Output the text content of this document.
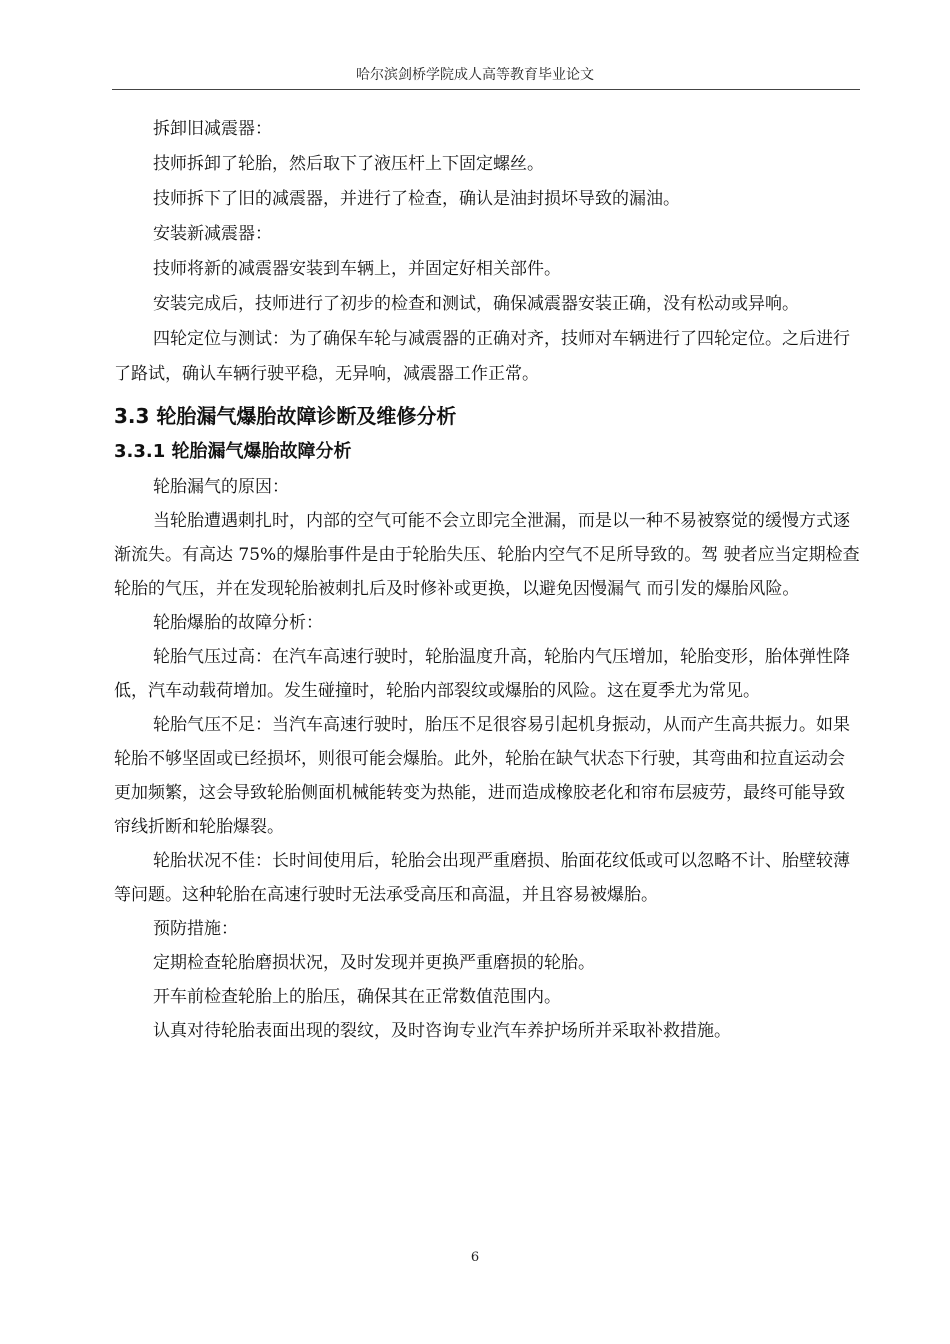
哈尔滨剑桥学院成人高等教育毕业论文

拆卸旧减震器：

技师拆卸了轮胎，然后取下了液压杆上下固定螺丝。

技师拆下了旧的减震器，并进行了检查，确认是油封损坏导致的漏油。

安装新减震器：

技师将新的减震器安装到车辆上，并固定好相关部件。

安装完成后，技师进行了初步的检查和测试，确保减震器安装正确，没有松动或异响。

四轮定位与测试：为了确保车轮与减震器的正确对齐，技师对车辆进行了四轮定位。之后进行了路试，确认车辆行驶平稳，无异响，减震器工作正常。

3.3 轮胎漏气爆胎故障诊断及维修分析
3.3.1 轮胎漏气爆胎故障分析

轮胎漏气的原因：

当轮胎遭遇刺扎时，内部的空气可能不会立即完全泄漏，而是以一种不易被察觉的缓慢方式逐渐流失。有高达 75%的爆胎事件是由于轮胎失压、轮胎内空气不足所导致的。驾 驶者应当定期检查轮胎的气压，并在发现轮胎被刺扎后及时修补或更换，以避免因慢漏气 而引发的爆胎风险。

轮胎爆胎的故障分析：

轮胎气压过高：在汽车高速行驶时，轮胎温度升高，轮胎内气压增加，轮胎变形，胎体弹性降低，汽车动载荷增加。发生碰撞时，轮胎内部裂纹或爆胎的风险。这在夏季尤为常见。

轮胎气压不足：当汽车高速行驶时，胎压不足很容易引起机身振动，从而产生高共振力。如果轮胎不够坚固或已经损坏，则很可能会爆胎。此外，轮胎在缺气状态下行驶，其弯曲和拉直运动会更加频繁，这会导致轮胎侧面机械能转变为热能，进而造成橡胶老化和帘布层疲劳，最终可能导致帘线折断和轮胎爆裂。

轮胎状况不佳：长时间使用后，轮胎会出现严重磨损、胎面花纹低或可以忽略不计、胎壁较薄等问题。这种轮胎在高速行驶时无法承受高压和高温，并且容易被爆胎。

预防措施：

定期检查轮胎磨损状况，及时发现并更换严重磨损的轮胎。

开车前检查轮胎上的胎压，确保其在正常数值范围内。

认真对待轮胎表面出现的裂纹，及时咨询专业汽车养护场所并采取补救措施。

6
